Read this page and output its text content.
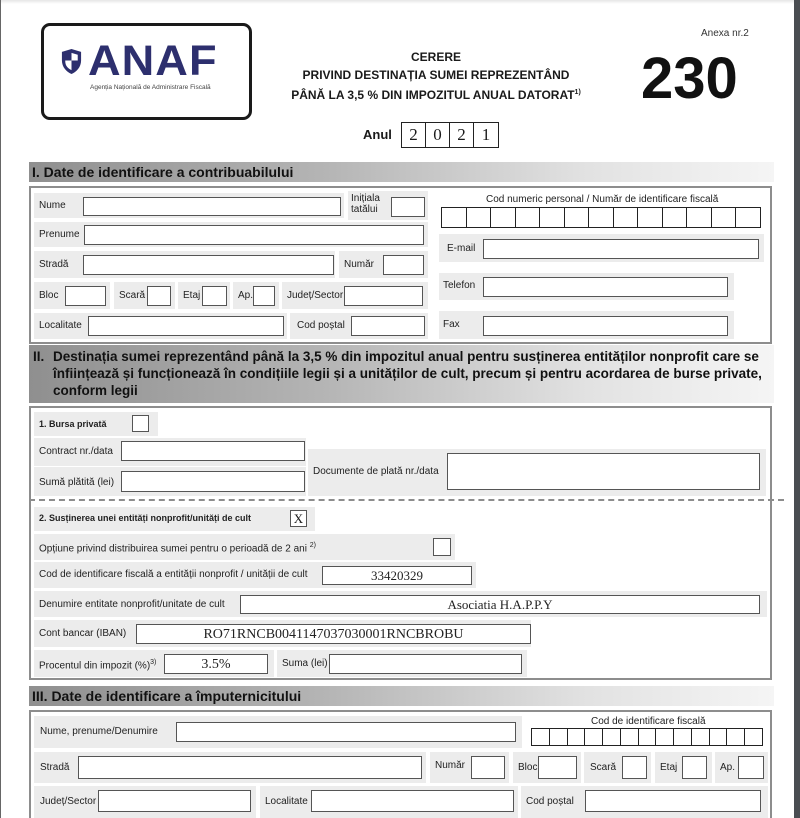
ANAF
Agenția Națională de Administrare Fiscală
CERERE
PRIVIND DESTINAȚIA SUMEI REPREZENTÂND
PÂNĂ LA 3,5 % DIN IMPOZITUL ANUAL DATORAT$^{1)}$
Anexa nr.2
230
Anul	2 0 2 1
I. Date de identificare a contribuabilului
Nume
Inițiala
tatălui
Prenume
Stradă	Număr
Bloc	Scară	Etaj	Ap.	Județ/Sector
Localitate	Cod poștal
Cod numeric personal / Număr de identificare fiscală
E-mail
Telefon
Fax
II. Destinația sumei reprezentând până la 3,5 % din impozitul anual pentru susținerea entităților nonprofit care se înființează și funcționează în condițiile legii și a unităților de cult, precum și pentru acordarea de burse private, conform legii
1. Bursa privată
Contract nr./data
Sumă plătită (lei)
Documente de plată nr./data
2. Susținerea unei entități nonprofit/unități de cult	X
Opțiune privind distribuirea sumei pentru o perioadă de 2 ani $^{2)}$
Cod de identificare fiscală a entității nonprofit / unității de cult	33420329
Denumire entitate nonprofit/unitate de cult	Asociatia H.A.P.P.Y
Cont bancar (IBAN)	RO71RNCB0041147037030001RNCBROBU
Procentul din impozit (%)$^{3)}$	3.5%	Suma (lei)
III. Date de identificare a împuternicitului
Nume, prenume/Denumire
Cod de identificare fiscală
Stradă	Număr	Bloc	Scară	Etaj	Ap.
Județ/Sector	Localitate	Cod poștal
